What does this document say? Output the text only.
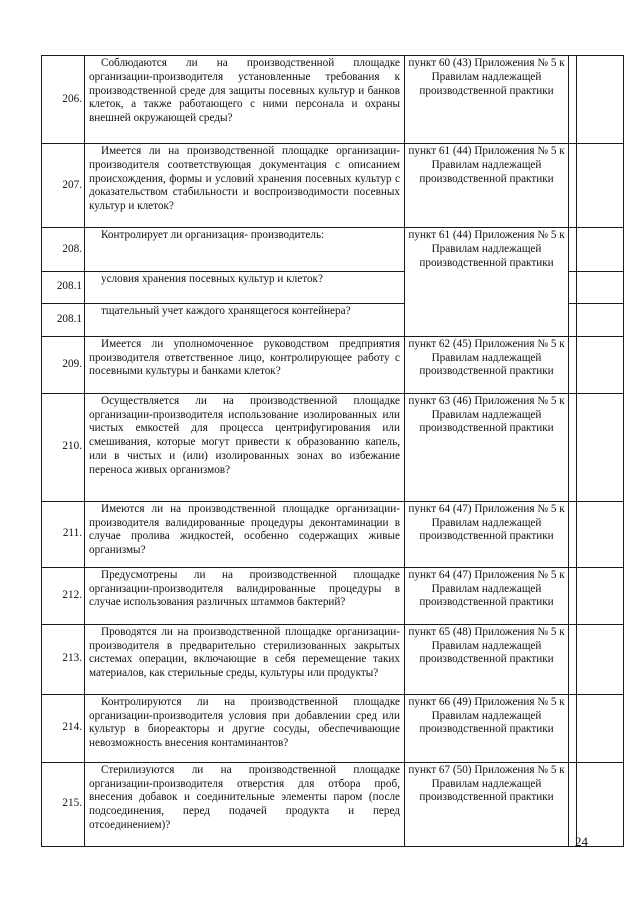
206.	Соблюдаются ли на производственной площадке организации-производителя установленные требования к производственной среде для защиты посевных культур и банков клеток, а также работающего с ними персонала и охраны внешней окружающей среды?	пункт 60 (43) Приложения № 5 к Правилам надлежащей производственной практики		
207.	Имеется ли на производственной площадке организации-производителя соответствующая документация с описанием происхождения, формы и условий хранения посевных культур с доказательством стабильности и воспроизводимости посевных культур и клеток?	пункт 61 (44) Приложения № 5 к Правилам надлежащей производственной практики		
208.	Контролирует ли организация- производитель:	пункт 61 (44) Приложения № 5 к Правилам надлежащей производственной практики		
208.1	условия хранения посевных культур и клеток?			
208.1	тщательный учет каждого хранящегося контейнера?			
209.	Имеется ли уполномоченное руководством предприятия производителя ответственное лицо, контролирующее работу с посевными культуры и банками клеток?	пункт 62 (45) Приложения № 5 к Правилам надлежащей производственной практики		
210.	Осуществляется ли на производственной площадке организации-производителя использование изолированных или чистых емкостей для процесса центрифугирования или смешивания, которые могут привести к образованию капель, или в чистых и (или) изолированных зонах во избежание переноса живых организмов?	пункт 63 (46) Приложения № 5 к Правилам надлежащей производственной практики		
211.	Имеются ли на производственной площадке организации-производителя валидированные процедуры деконтаминации в случае пролива жидкостей, особенно содержащих живые организмы?	пункт 64 (47) Приложения № 5 к Правилам надлежащей производственной практики		
212.	Предусмотрены ли на производственной площадке организации-производителя валидированные процедуры в случае использования различных штаммов бактерий?	пункт 64 (47) Приложения № 5 к Правилам надлежащей производственной практики		
213.	Проводятся ли на производственной площадке организации-производителя в предварительно стерилизованных закрытых системах операции, включающие в себя перемещение таких материалов, как стерильные среды, культуры или продукты?	пункт 65 (48) Приложения № 5 к Правилам надлежащей производственной практики		
214.	Контролируются ли на производственной площадке организации-производителя условия при добавлении сред или культур в биореакторы и другие сосуды, обеспечивающие невозможность внесения контаминантов?	пункт 66 (49) Приложения № 5 к Правилам надлежащей производственной практики		
215.	Стерилизуются ли на производственной площадке организации-производителя отверстия для отбора проб, внесения добавок и соединительные элементы паром (после подсоединения, перед подачей продукта и перед отсоединением)?	пункт 67 (50) Приложения № 5 к Правилам надлежащей производственной практики		
24
